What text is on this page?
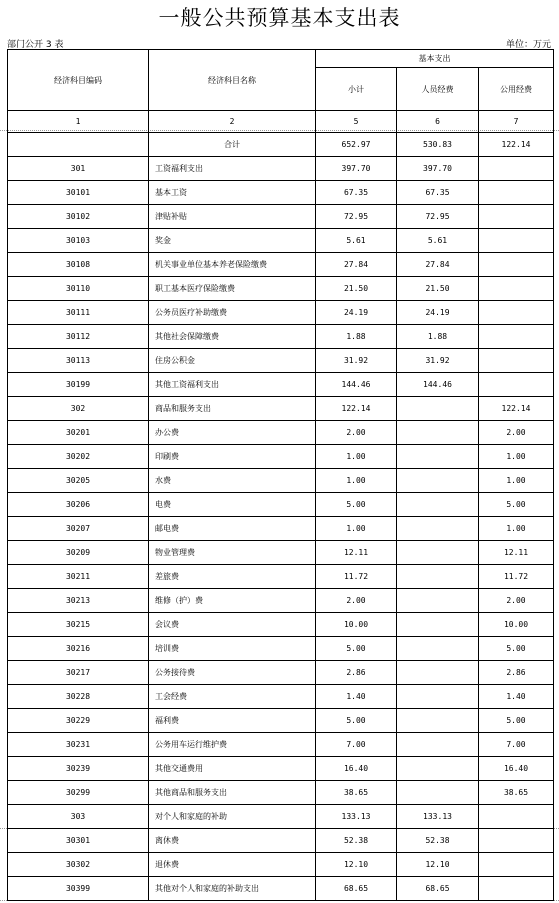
一般公共预算基本支出表
部门公开 3 表	单位：万元
经济科目编码	经济科目名称	基本支出		
		小计	人员经费	公用经费
1	2	5	6	7
	合计	652.97	530.83	122.14
301	工资福利支出	397.70	397.70	
30101	基本工资	67.35	67.35	
30102	津贴补贴	72.95	72.95	
30103	奖金	5.61	5.61	
30108	机关事业单位基本养老保险缴费	27.84	27.84	
30110	职工基本医疗保险缴费	21.50	21.50	
30111	公务员医疗补助缴费	24.19	24.19	
30112	其他社会保障缴费	1.88	1.88	
30113	住房公积金	31.92	31.92	
30199	其他工资福利支出	144.46	144.46	
302	商品和服务支出	122.14		122.14
30201	办公费	2.00		2.00
30202	印刷费	1.00		1.00
30205	水费	1.00		1.00
30206	电费	5.00		5.00
30207	邮电费	1.00		1.00
30209	物业管理费	12.11		12.11
30211	差旅费	11.72		11.72
30213	维修（护）费	2.00		2.00
30215	会议费	10.00		10.00
30216	培训费	5.00		5.00
30217	公务接待费	2.86		2.86
30228	工会经费	1.40		1.40
30229	福利费	5.00		5.00
30231	公务用车运行维护费	7.00		7.00
30239	其他交通费用	16.40		16.40
30299	其他商品和服务支出	38.65		38.65
303	对个人和家庭的补助	133.13	133.13	
30301	离休费	52.38	52.38	
30302	退休费	12.10	12.10	
30399	其他对个人和家庭的补助支出	68.65	68.65	
